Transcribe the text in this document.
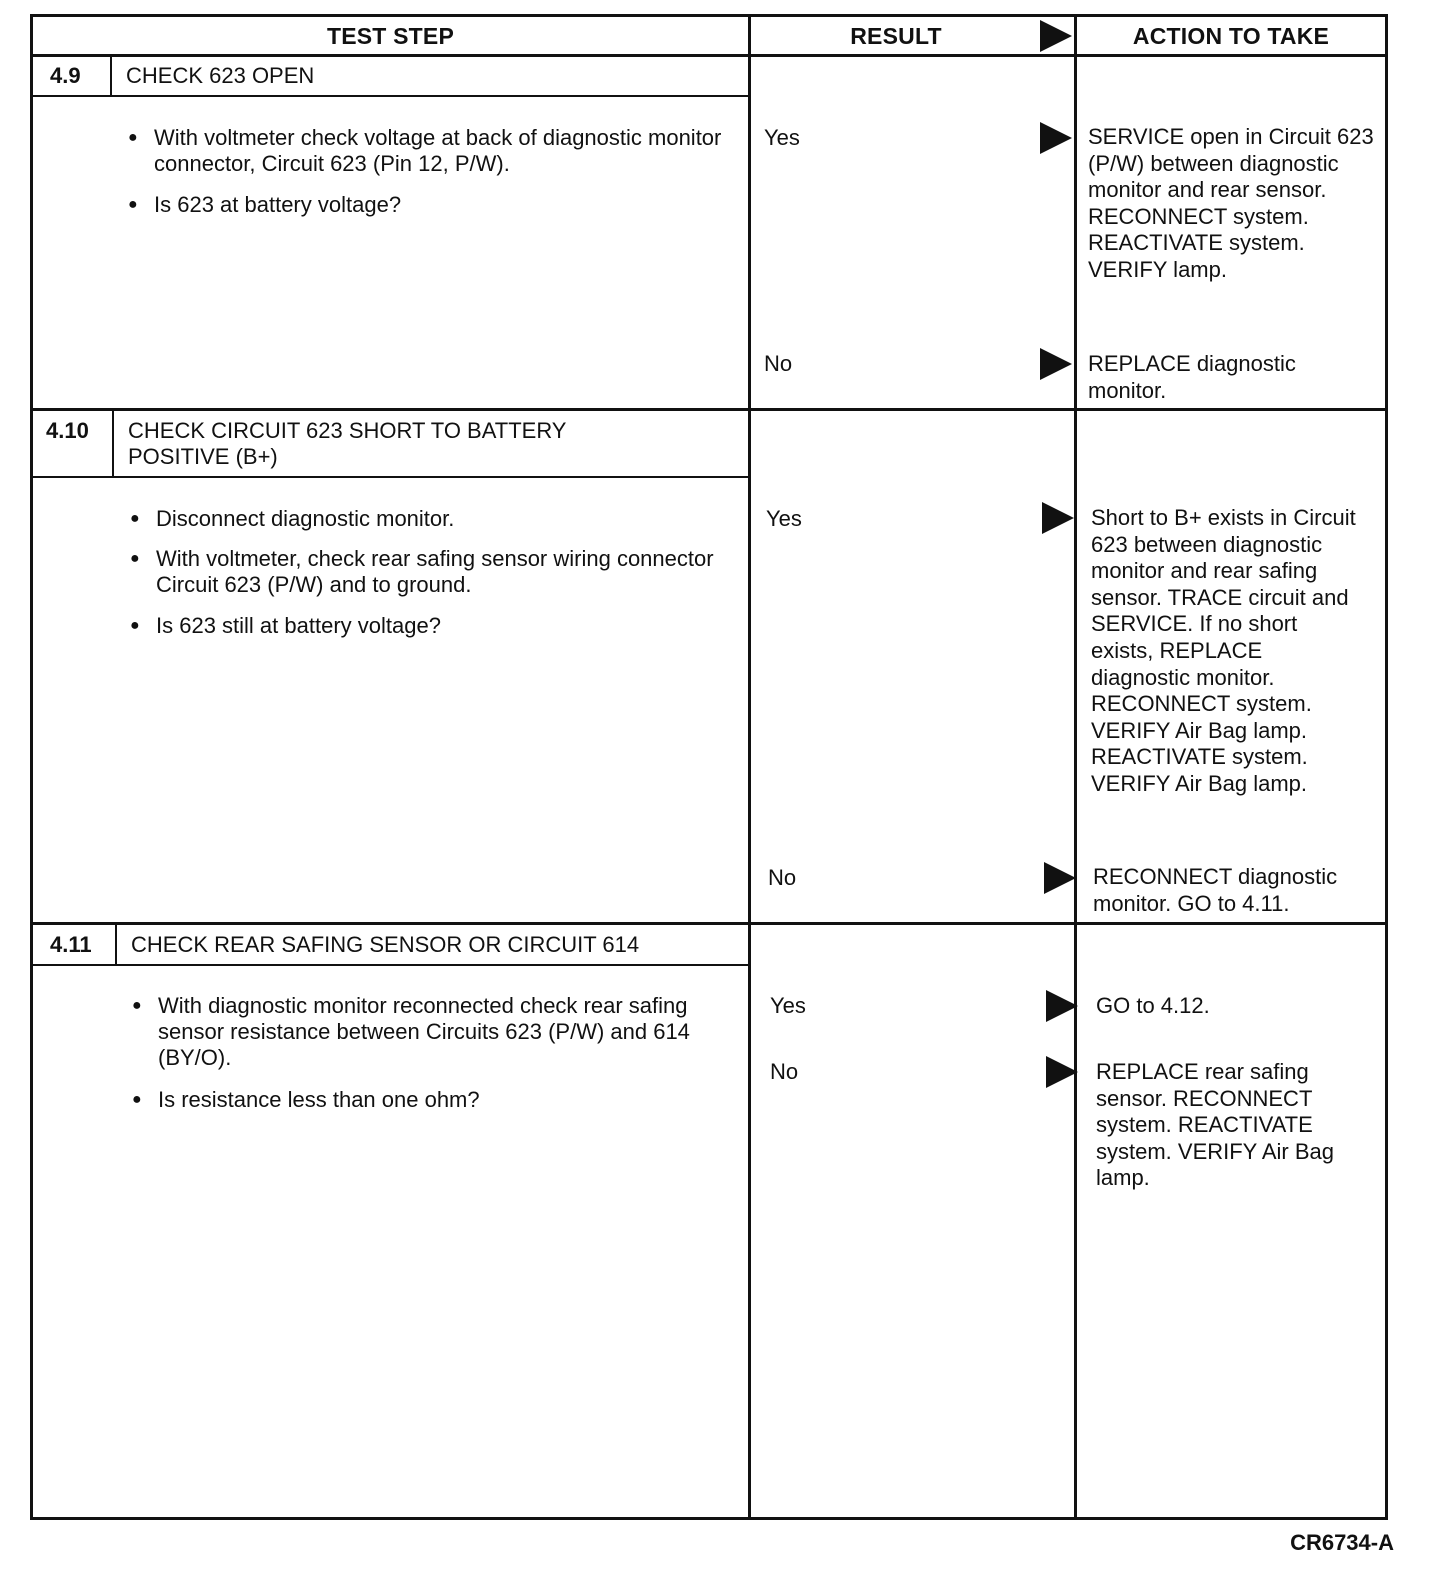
TEST STEP	RESULT	ACTION TO TAKE
4.9 CHECK 623 OPEN
● With voltmeter check voltage at back of diagnostic monitor connector, Circuit 623 (Pin 12, P/W).
● Is 623 at battery voltage?
Yes	SERVICE open in Circuit 623 (P/W) between diagnostic monitor and rear sensor. RECONNECT system. REACTIVATE system. VERIFY lamp.
No	REPLACE diagnostic monitor.
4.10 CHECK CIRCUIT 623 SHORT TO BATTERY POSITIVE (B+)
● Disconnect diagnostic monitor.
● With voltmeter, check rear safing sensor wiring connector Circuit 623 (P/W) and to ground.
● Is 623 still at battery voltage?
Yes	Short to B+ exists in Circuit 623 between diagnostic monitor and rear safing sensor. TRACE circuit and SERVICE. If no short exists, REPLACE diagnostic monitor. RECONNECT system. VERIFY Air Bag lamp. REACTIVATE system. VERIFY Air Bag lamp.
No	RECONNECT diagnostic monitor. GO to 4.11.
4.11 CHECK REAR SAFING SENSOR OR CIRCUIT 614
● With diagnostic monitor reconnected check rear safing sensor resistance between Circuits 623 (P/W) and 614 (BY/O).
● Is resistance less than one ohm?
Yes	GO to 4.12.
No	REPLACE rear safing sensor. RECONNECT system. REACTIVATE system. VERIFY Air Bag lamp.
CR6734-A
